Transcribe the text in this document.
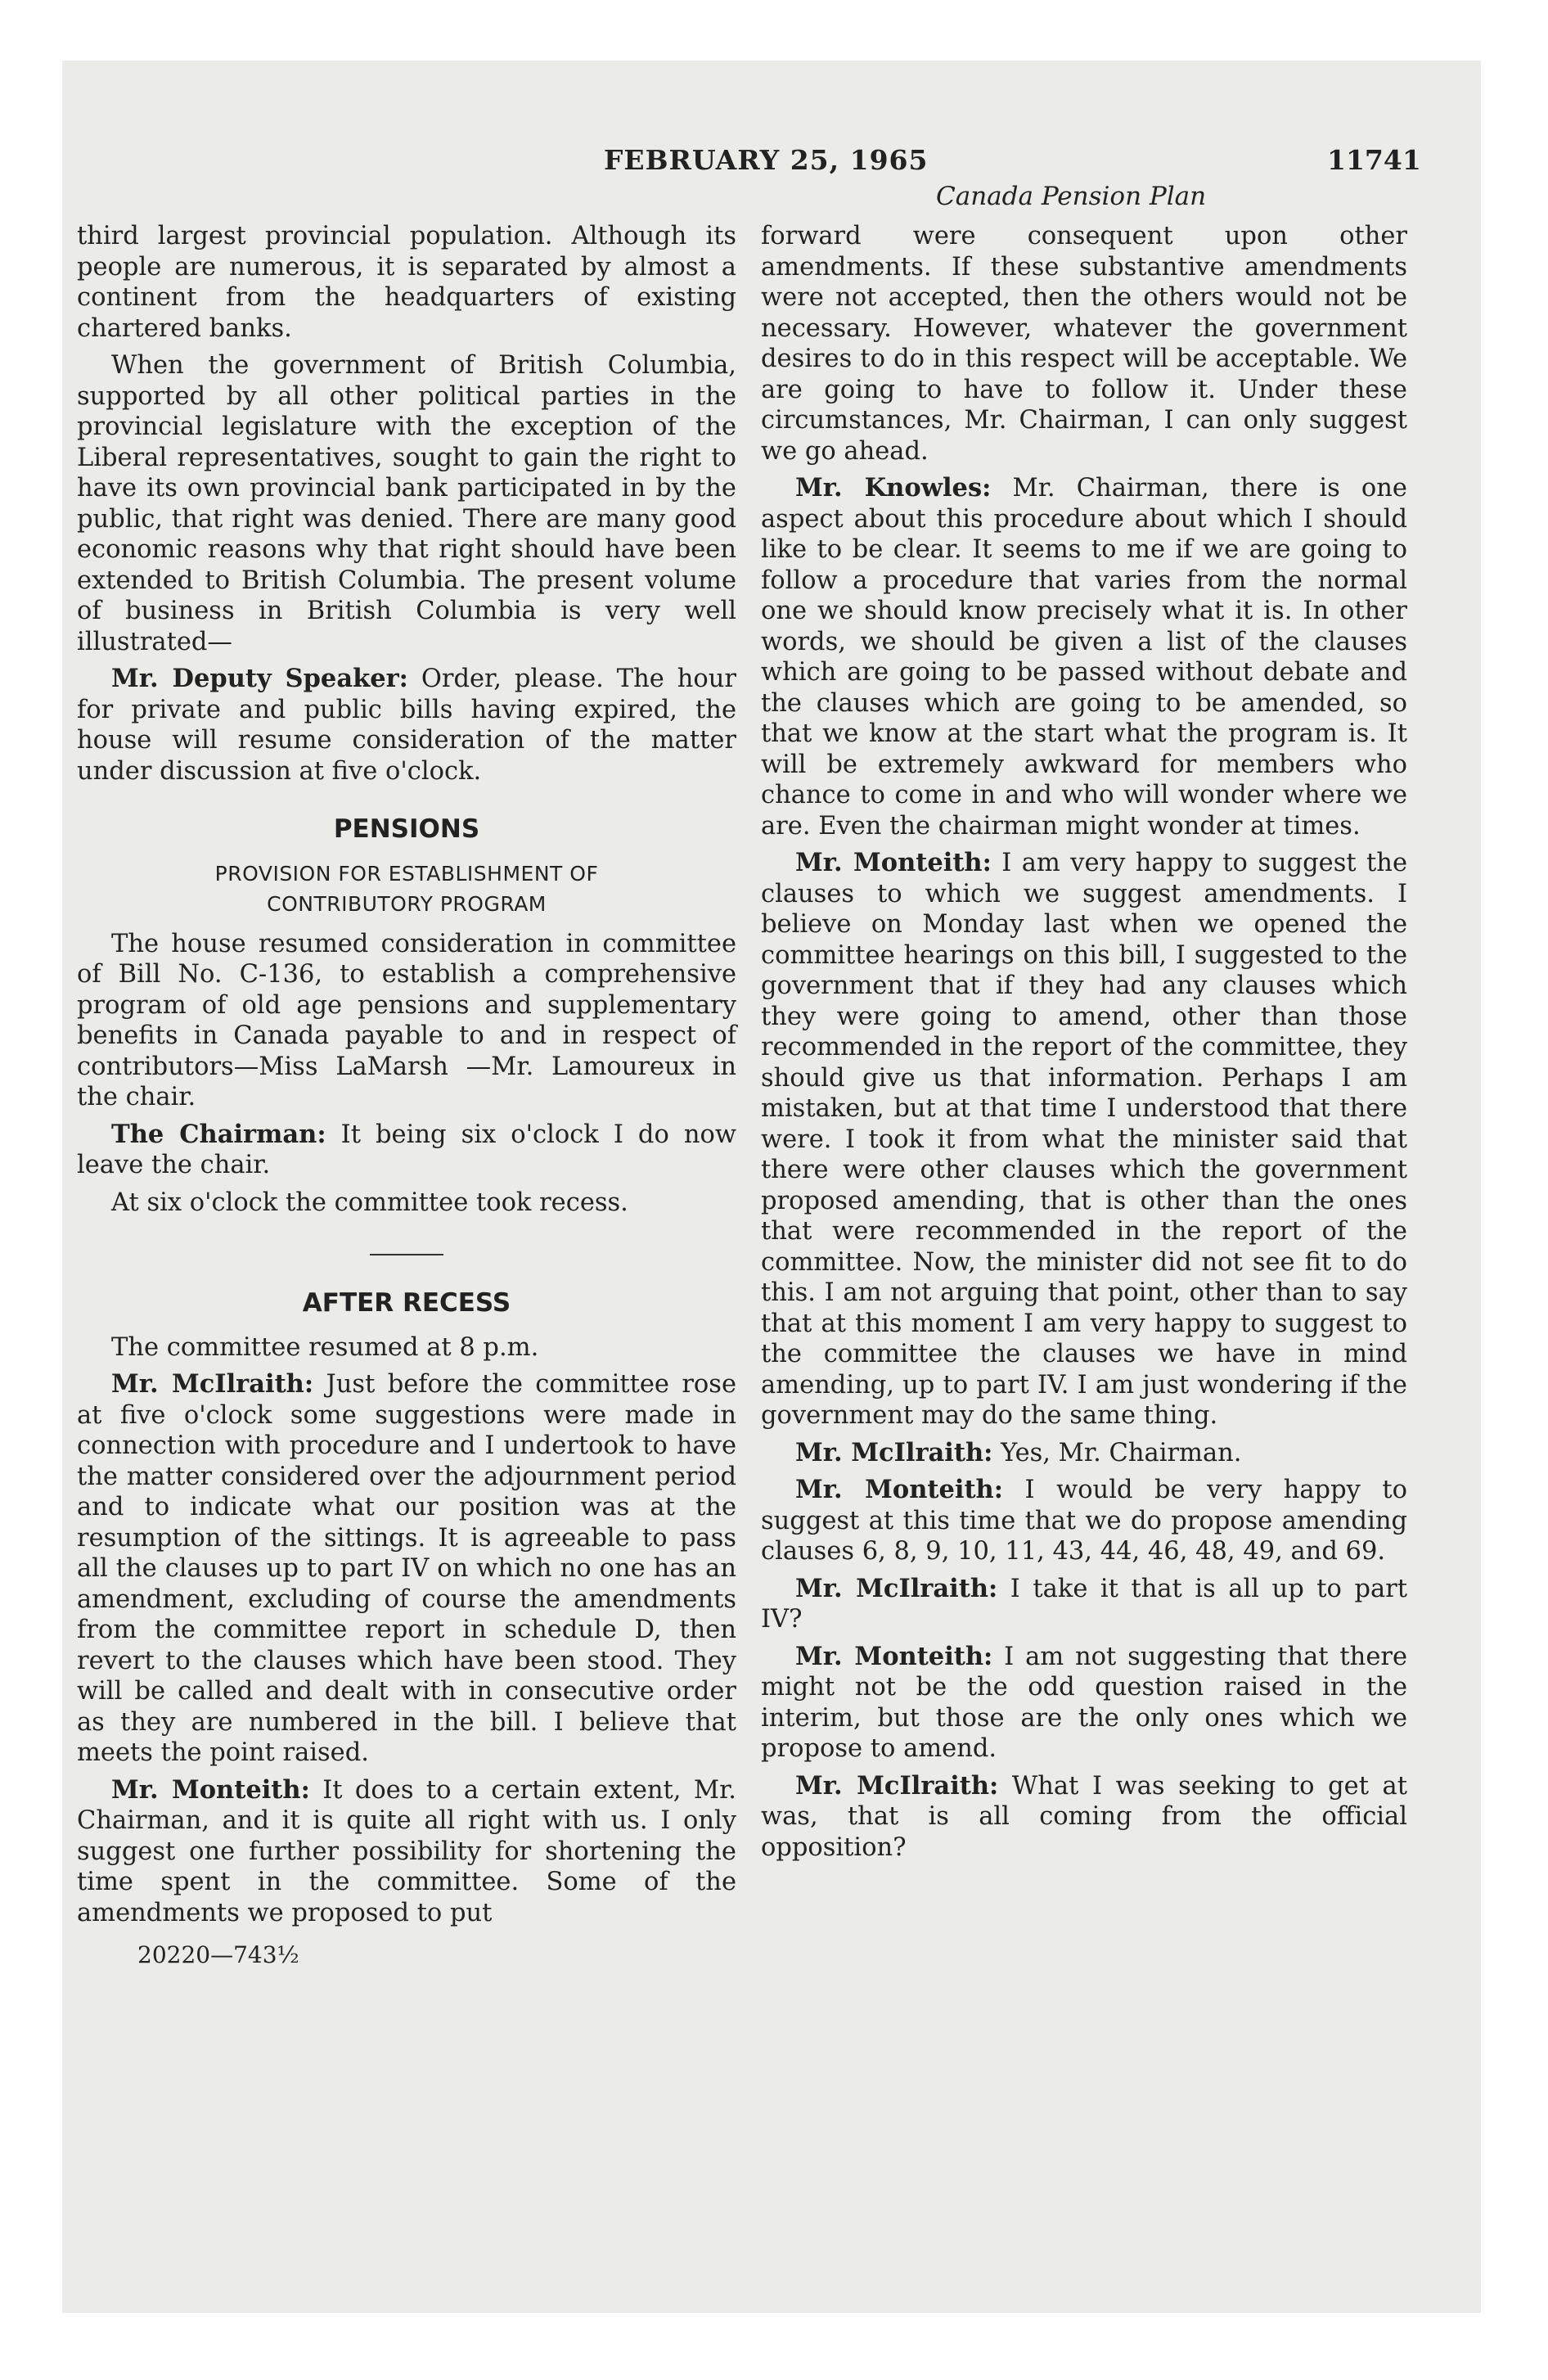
FEBRUARY 25, 1965	11741
Canada Pension Plan

third largest provincial population. Although its people are numerous, it is separated by almost a continent from the headquarters of existing chartered banks.

When the government of British Columbia, supported by all other political parties in the provincial legislature with the exception of the Liberal representatives, sought to gain the right to have its own provincial bank participated in by the public, that right was denied. There are many good economic reasons why that right should have been extended to British Columbia. The present volume of business in British Columbia is very well illustrated—

Mr. Deputy Speaker: Order, please. The hour for private and public bills having expired, the house will resume consideration of the matter under discussion at five o'clock.

PENSIONS
PROVISION FOR ESTABLISHMENT OF
CONTRIBUTORY PROGRAM

The house resumed consideration in committee of Bill No. C-136, to establish a comprehensive program of old age pensions and supplementary benefits in Canada payable to and in respect of contributors—Miss LaMarsh —Mr. Lamoureux in the chair.

The Chairman: It being six o'clock I do now leave the chair.

At six o'clock the committee took recess.

AFTER RECESS

The committee resumed at 8 p.m.

Mr. McIlraith: Just before the committee rose at five o'clock some suggestions were made in connection with procedure and I undertook to have the matter considered over the adjournment period and to indicate what our position was at the resumption of the sittings. It is agreeable to pass all the clauses up to part IV on which no one has an amendment, excluding of course the amendments from the committee report in schedule D, then revert to the clauses which have been stood. They will be called and dealt with in consecutive order as they are numbered in the bill. I believe that meets the point raised.

Mr. Monteith: It does to a certain extent, Mr. Chairman, and it is quite all right with us. I only suggest one further possibility for shortening the time spent in the committee. Some of the amendments we proposed to put

20220—743½

forward were consequent upon other amendments. If these substantive amendments were not accepted, then the others would not be necessary. However, whatever the government desires to do in this respect will be acceptable. We are going to have to follow it. Under these circumstances, Mr. Chairman, I can only suggest we go ahead.

Mr. Knowles: Mr. Chairman, there is one aspect about this procedure about which I should like to be clear. It seems to me if we are going to follow a procedure that varies from the normal one we should know precisely what it is. In other words, we should be given a list of the clauses which are going to be passed without debate and the clauses which are going to be amended, so that we know at the start what the program is. It will be extremely awkward for members who chance to come in and who will wonder where we are. Even the chairman might wonder at times.

Mr. Monteith: I am very happy to suggest the clauses to which we suggest amendments. I believe on Monday last when we opened the committee hearings on this bill, I suggested to the government that if they had any clauses which they were going to amend, other than those recommended in the report of the committee, they should give us that information. Perhaps I am mistaken, but at that time I understood that there were. I took it from what the minister said that there were other clauses which the government proposed amending, that is other than the ones that were recommended in the report of the committee. Now, the minister did not see fit to do this. I am not arguing that point, other than to say that at this moment I am very happy to suggest to the committee the clauses we have in mind amending, up to part IV. I am just wondering if the government may do the same thing.

Mr. McIlraith: Yes, Mr. Chairman.

Mr. Monteith: I would be very happy to suggest at this time that we do propose amending clauses 6, 8, 9, 10, 11, 43, 44, 46, 48, 49, and 69.

Mr. McIlraith: I take it that is all up to part IV?

Mr. Monteith: I am not suggesting that there might not be the odd question raised in the interim, but those are the only ones which we propose to amend.

Mr. McIlraith: What I was seeking to get at was, that is all coming from the official opposition?
